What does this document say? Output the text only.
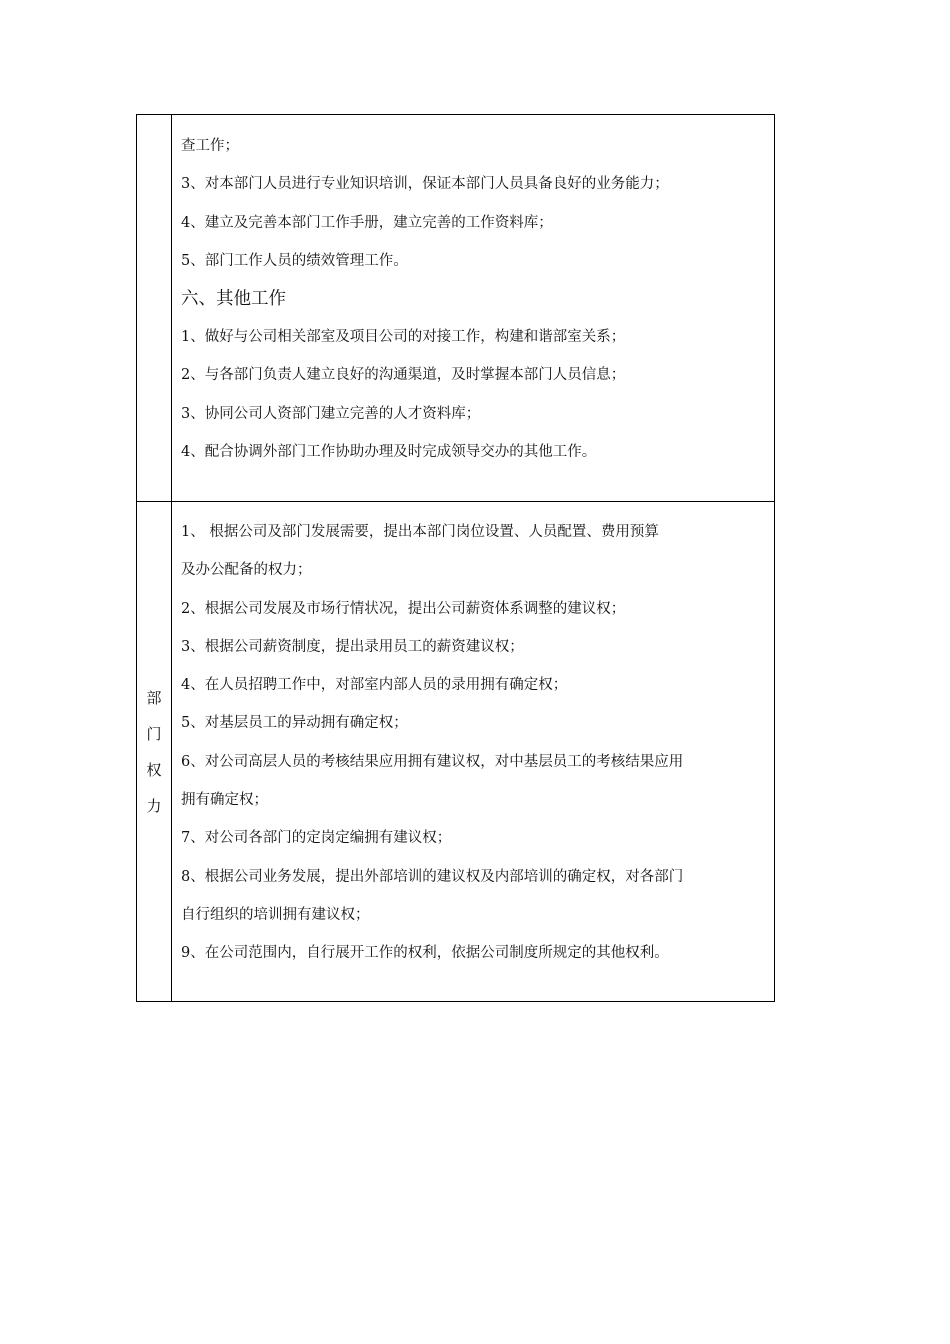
查工作；
3、对本部门人员进行专业知识培训，保证本部门人员具备良好的业务能力；
4、建立及完善本部门工作手册，建立完善的工作资料库；
5、部门工作人员的绩效管理工作。
六、其他工作
1、做好与公司相关部室及项目公司的对接工作，构建和谐部室关系；
2、与各部门负责人建立良好的沟通渠道，及时掌握本部门人员信息；
3、协同公司人资部门建立完善的人才资料库；
4、配合协调外部门工作协助办理及时完成领导交办的其他工作。
部
门
权
力
1、 根据公司及部门发展需要，提出本部门岗位设置、人员配置、费用预算
及办公配备的权力；
2、根据公司发展及市场行情状况，提出公司薪资体系调整的建议权；
3、根据公司薪资制度，提出录用员工的薪资建议权；
4、在人员招聘工作中，对部室内部人员的录用拥有确定权；
5、对基层员工的异动拥有确定权；
6、对公司高层人员的考核结果应用拥有建议权，对中基层员工的考核结果应用
拥有确定权；
7、对公司各部门的定岗定编拥有建议权；
8、根据公司业务发展，提出外部培训的建议权及内部培训的确定权，对各部门
自行组织的培训拥有建议权；
9、在公司范围内，自行展开工作的权利，依据公司制度所规定的其他权利。
